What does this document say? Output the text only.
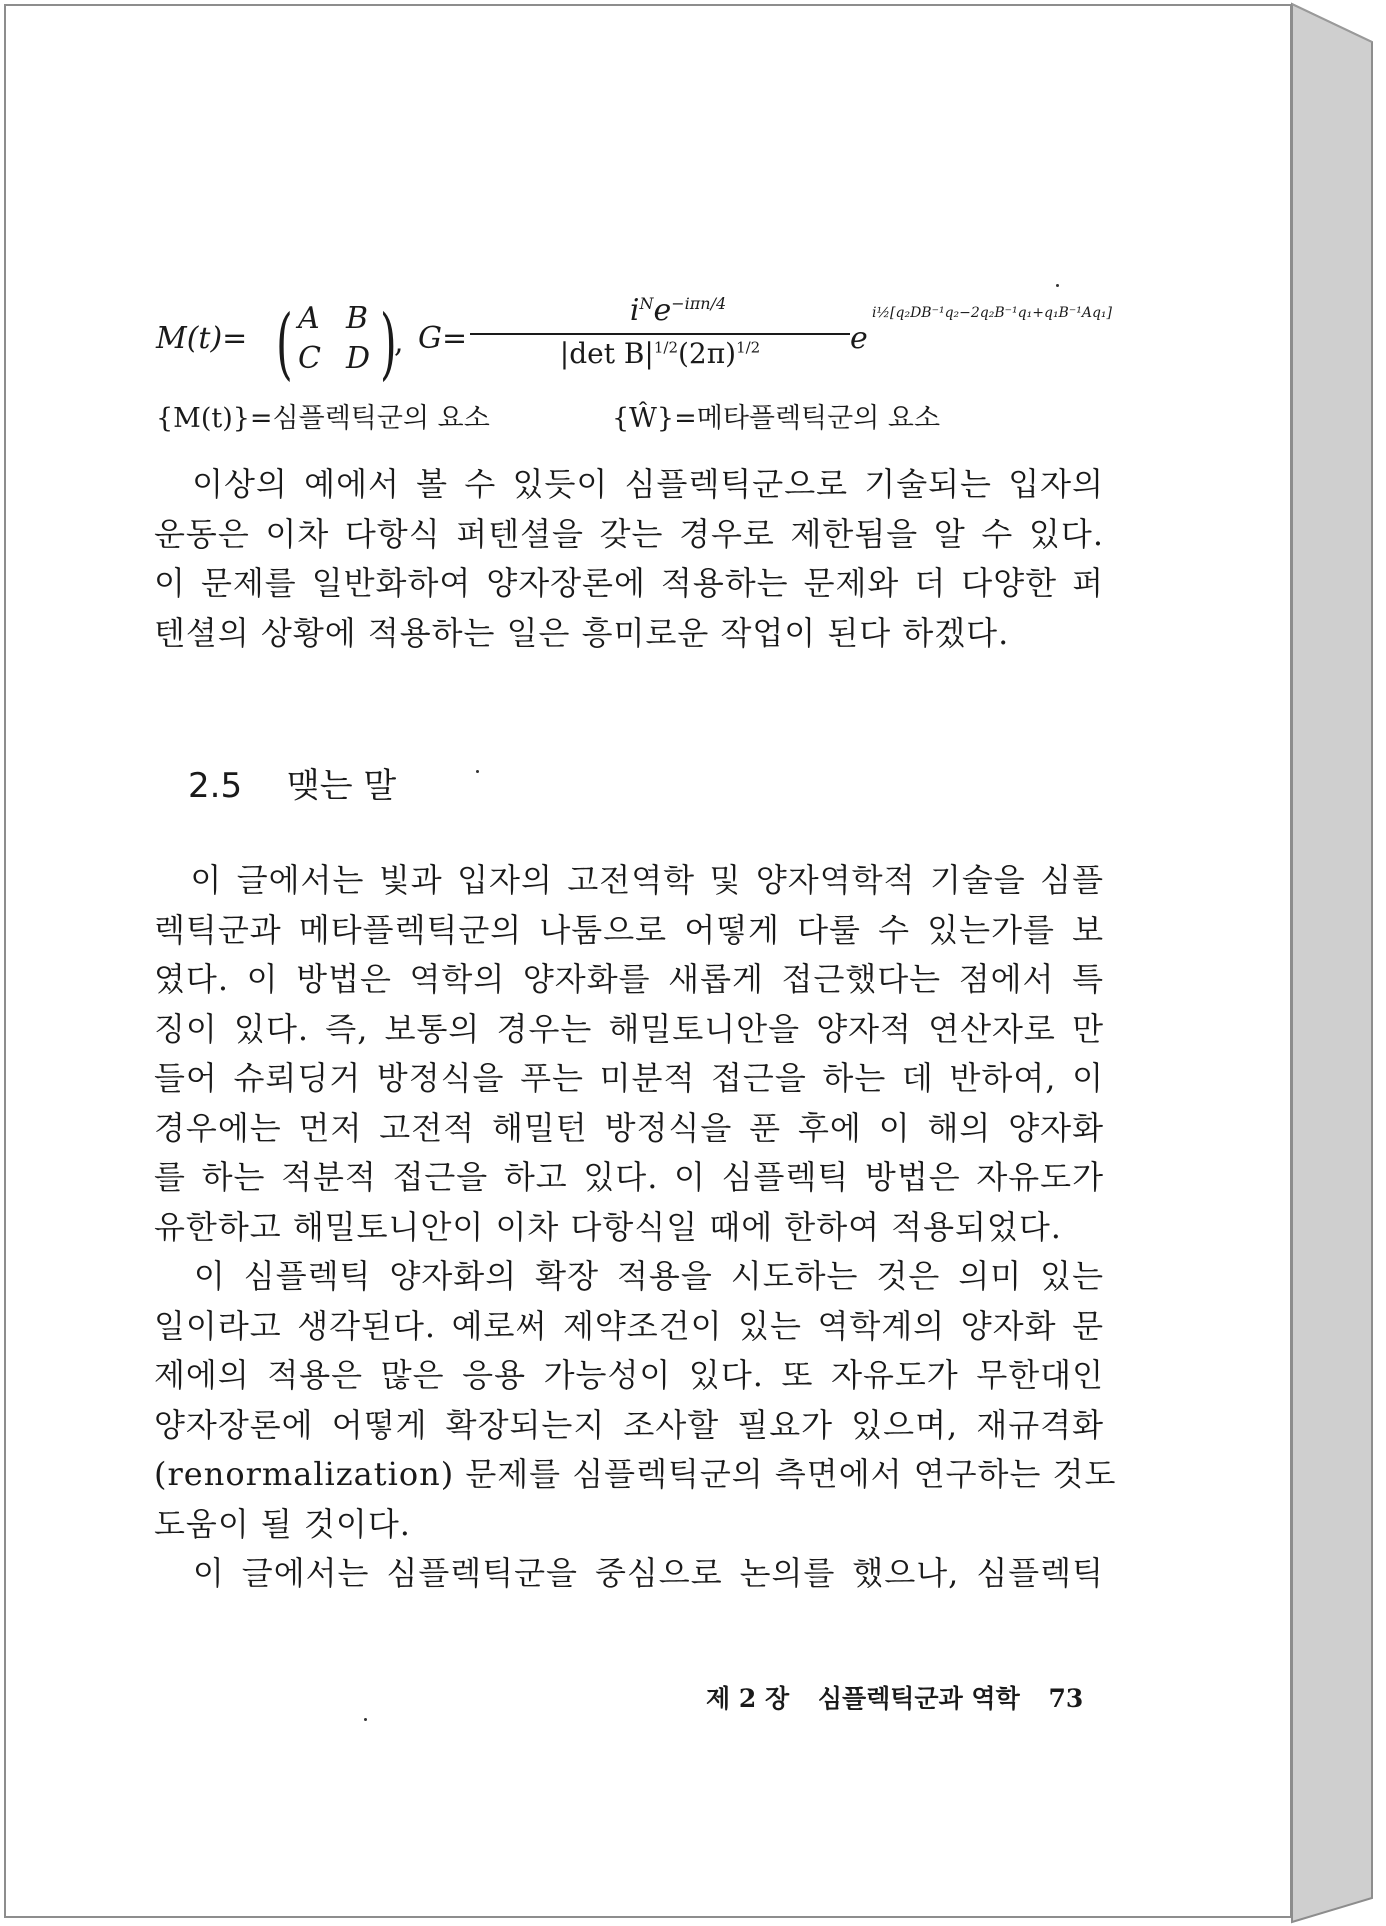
M(t)= ( A B
C D )
, G=
$i^Ne^{-i\pi n/4}$
|det $B|^{1/2}(2\pi)^{1/2}$	e
i½[q₂DB⁻¹q₂−2q₂B⁻¹q₁+q₁B⁻¹Aq₁]
{M(t)}=심플렉틱군의 요소	{Ŵ}=메타플렉틱군의 요소
　이상의 예에서 볼 수 있듯이 심플렉틱군으로 기술되는 입자의
운동은 이차 다항식 퍼텐셜을 갖는 경우로 제한됨을 알 수 있다.
이 문제를 일반화하여 양자장론에 적용하는 문제와 더 다양한 퍼
텐셜의 상황에 적용하는 일은 흥미로운 작업이 된다 하겠다.
2.5 맺는 말
　이 글에서는 빛과 입자의 고전역학 및 양자역학적 기술을 심플
렉틱군과 메타플렉틱군의 나툼으로 어떻게 다룰 수 있는가를 보
였다. 이 방법은 역학의 양자화를 새롭게 접근했다는 점에서 특
징이 있다. 즉, 보통의 경우는 해밀토니안을 양자적 연산자로 만
들어 슈뢰딩거 방정식을 푸는 미분적 접근을 하는 데 반하여, 이
경우에는 먼저 고전적 해밀턴 방정식을 푼 후에 이 해의 양자화
를 하는 적분적 접근을 하고 있다. 이 심플렉틱 방법은 자유도가
유한하고 해밀토니안이 이차 다항식일 때에 한하여 적용되었다.
　이 심플렉틱 양자화의 확장 적용을 시도하는 것은 의미 있는
일이라고 생각된다. 예로써 제약조건이 있는 역학계의 양자화 문
제에의 적용은 많은 응용 가능성이 있다. 또 자유도가 무한대인
양자장론에 어떻게 확장되는지 조사할 필요가 있으며, 재규격화
(renormalization) 문제를 심플렉틱군의 측면에서 연구하는 것도
도움이 될 것이다.
　이 글에서는 심플렉틱군을 중심으로 논의를 했으나, 심플렉틱
제 2 장 심플렉틱군과 역학 73
